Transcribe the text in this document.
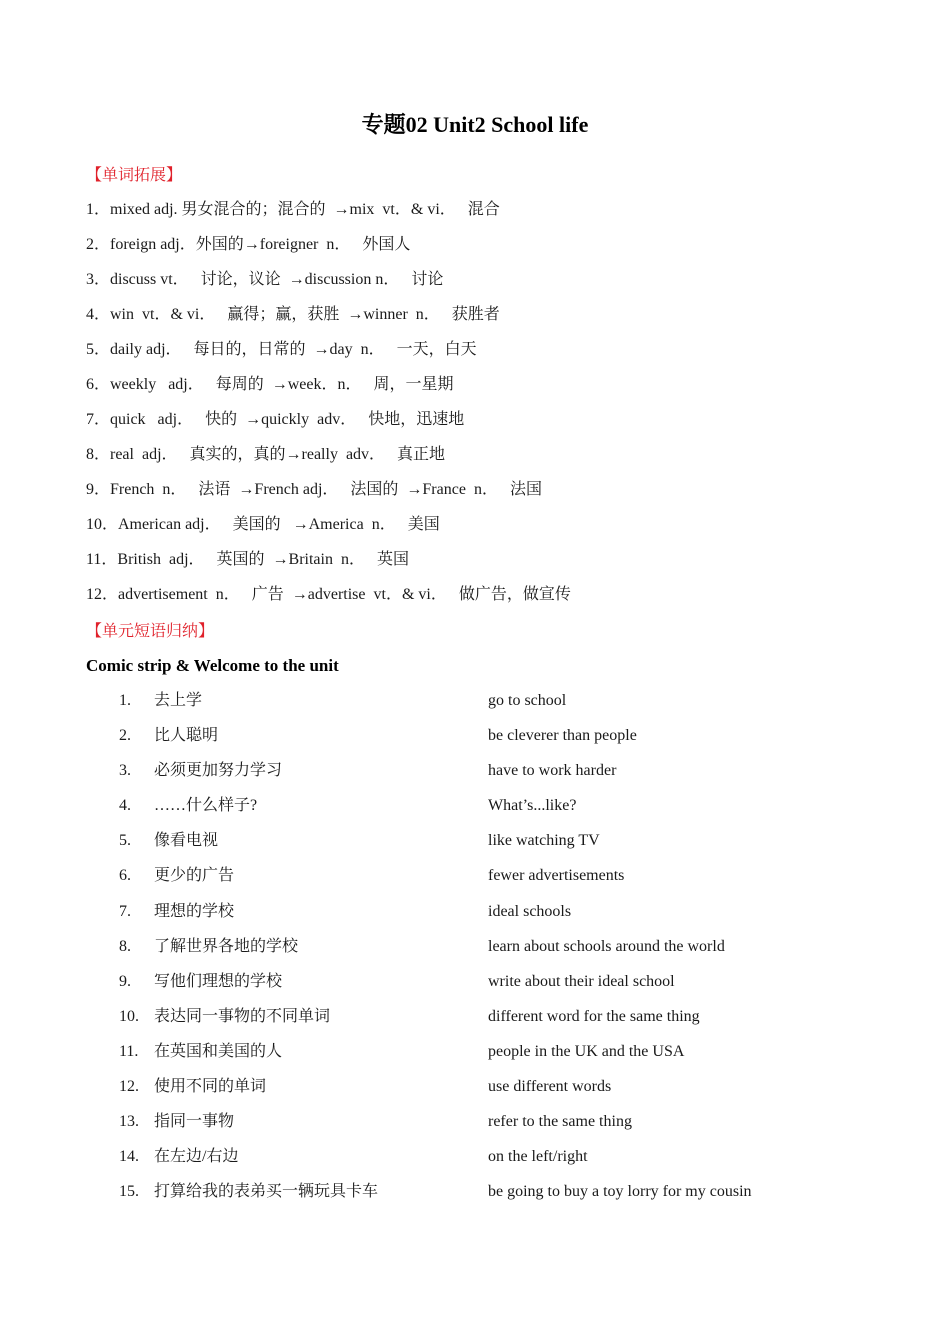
专题02 Unit2 School life
【单词拓展】
1．mixed adj. 男女混合的；混合的  →mix  vt．& vi．   混合
2．foreign adj．外国的→foreigner  n．   外国人
3．discuss vt．   讨论，议论  →discussion n．   讨论
4．win  vt．& vi．   赢得；赢，获胜  →winner  n．   获胜者
5．daily adj．   每日的，日常的  →day  n．   一天，白天
6．weekly   adj．   每周的  →week．n．   周，一星期
7．quick   adj．   快的  →quickly  adv．   快地，迅速地
8．real  adj．   真实的，真的→really  adv．   真正地
9．French  n．   法语  →French adj．   法国的  →France  n．   法国
10．American adj．   美国的   →America  n．   美国
11．British  adj．   英国的  →Britain  n．   英国
12．advertisement  n．   广告  →advertise  vt．& vi．   做广告，做宣传
【单元短语归纳】
Comic strip & Welcome to the unit
1. 去上学	go to school
2. 比人聪明	be cleverer than people
3. 必须更加努力学习	have to work harder
4. ……什么样子?	What’s...like?
5. 像看电视	like watching TV
6. 更少的广告	fewer advertisements
7. 理想的学校	ideal schools
8. 了解世界各地的学校	learn about schools around the world
9. 写他们理想的学校	write about their ideal school
10. 表达同一事物的不同单词	different word for the same thing
11. 在英国和美国的人	people in the UK and the USA
12. 使用不同的单词	use different words
13. 指同一事物	refer to the same thing
14. 在左边/右边	on the left/right
15. 打算给我的表弟买一辆玩具卡车	be going to buy a toy lorry for my cousin
